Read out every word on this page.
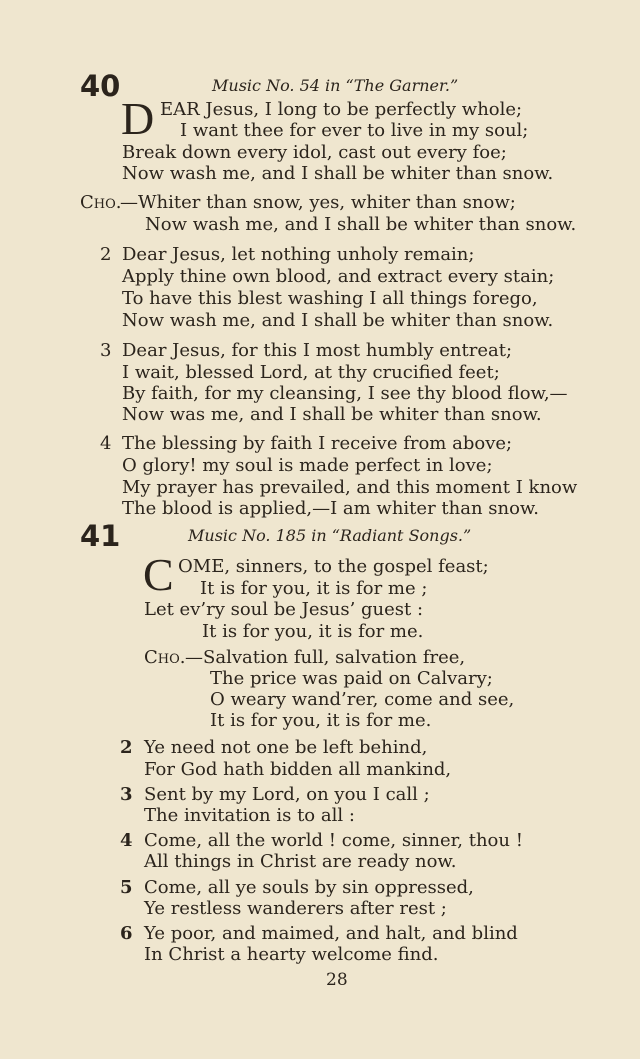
40	Music No. 54 in “The Garner.”
D EAR Jesus, I long to be perfectly whole;
I want thee for ever to live in my soul;
Break down every idol, cast out every foe;
Now wash me, and I shall be whiter than snow.
Cho.
—Whiter than snow, yes, whiter than snow;
Now wash me, and I shall be whiter than snow.
2 Dear Jesus, let nothing unholy remain;
Apply thine own blood, and extract every stain;
To have this blest washing I all things forego,
Now wash me, and I shall be whiter than snow.
3 Dear Jesus, for this I most humbly entreat;
I wait, blessed Lord, at thy crucified feet;
By faith, for my cleansing, I see thy blood flow,—
Now was me, and I shall be whiter than snow.
4 The blessing by faith I receive from above;
O glory! my soul is made perfect in love;
My prayer has prevailed, and this moment I know
The blood is applied,—I am whiter than snow.
41	Music No. 185 in “Radiant Songs.”
C OME, sinners, to the gospel feast;
It is for you, it is for me ;
Let ev’ry soul be Jesus’ guest :
It is for you, it is for me.
Cho. —Salvation full, salvation free,
The price was paid on Calvary;
O weary wand’rer, come and see,
It is for you, it is for me.
2 Ye need not one be left behind,
For God hath bidden all mankind,
3 Sent by my Lord, on you I call ;
The invitation is to all :
4 Come, all the world ! come, sinner, thou !
All things in Christ are ready now.
5 Come, all ye souls by sin oppressed,
Ye restless wanderers after rest ;
6 Ye poor, and maimed, and halt, and blind
In Christ a hearty welcome find.
28
